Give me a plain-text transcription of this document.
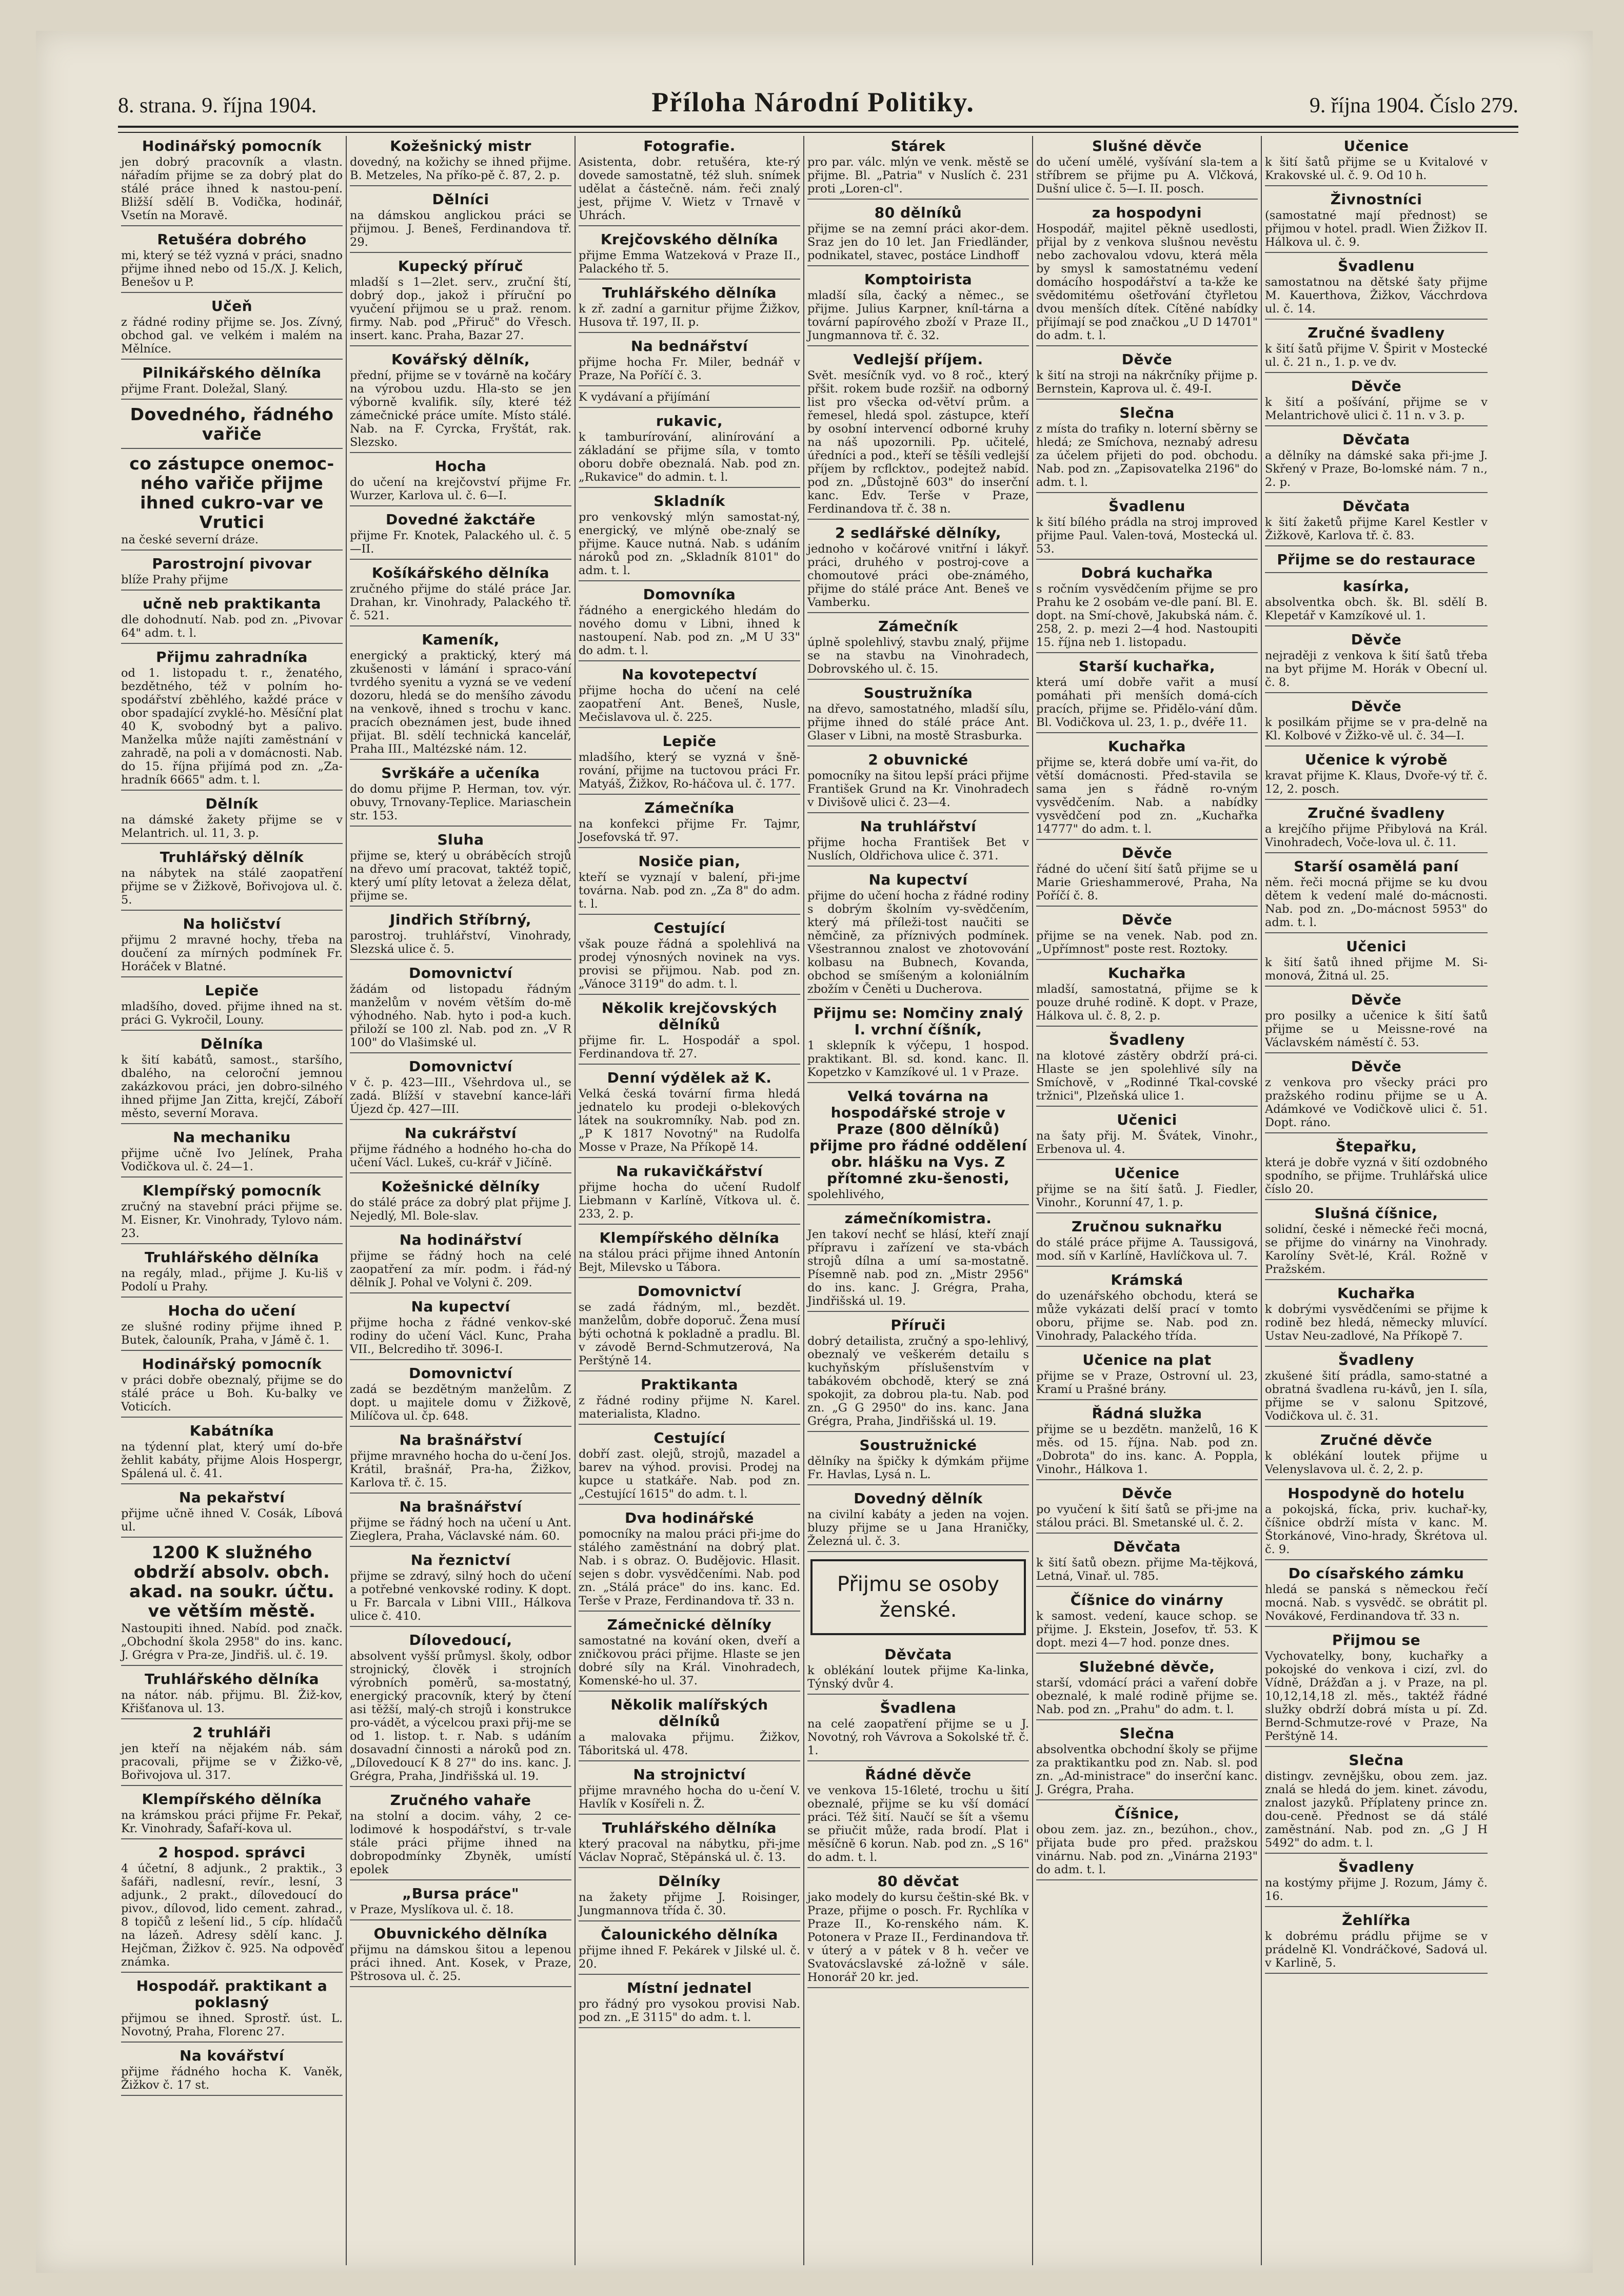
8. strana. 9. října 1904.	Příloha Národní Politiky.	9. října 1904. Číslo 279.
Hodinářský pomocník

jen dobrý pracovník a vlastn. nářadím přijme se za dobrý plat do stálé práce ihned k nastou-pení. Bližší sdělí B. Vodička, hodinář, Vsetín na Moravě.

Retušéra dobrého

mi, který se též vyzná v práci, snadno přijme ihned nebo od 15./X. J. Kelich, Benešov u P.

Učeň

z řádné rodiny přijme se. Jos. Zívný, obchod gal. ve velkém i malém na Mělníce.

Pilnikářského dělníka

přijme Frant. Doležal, Slaný.

Dovedného, řádného vařiče
co zástupce onemoc-ného vařiče přijme ihned cukro-var ve Vrutici

na české severní dráze.

Parostrojní pivovar

blíže Prahy přijme

učně neb praktikanta

dle dohodnutí. Nab. pod zn. „Pivovar 64" adm. t. l.

Přijmu zahradníka

od 1. listopadu t. r., ženatého, bezdětného, též v polním ho-spodářství zběhlého, každé práce v obor spadající zvyklé-ho. Měsíční plat 40 K, svobodný byt a palivo. Manželka může najíti zaměstnání v zahradě, na poli a v domácnosti. Nab. do 15. října přijímá pod zn. „Za-hradník 6665" adm. t. l.

Dělník

na dámské žakety přijme se v Melantrich. ul. 11, 3. p.

Truhlářský dělník

na nábytek na stálé zaopatření přijme se v Žižkově, Bořivojova ul. č. 5.

Na holičství

přijmu 2 mravné hochy, třeba na doučení za mírných podmínek Fr. Horáček v Blatné.

Lepiče

mladšího, doved. přijme ihned na st. práci G. Vykročil, Louny.

Dělníka

k šití kabátů, samost., staršího, dbalého, na celoroční jemnou zakázkovou práci, jen dobro-silného ihned přijme Jan Zitta, krejčí, Záboří město, severní Morava.

Na mechaniku

přijme učně Ivo Jelínek, Praha Vodičkova ul. č. 24—1.

Klempířský pomocník

zručný na stavební práci přijme se. M. Eisner, Kr. Vinohrady, Tylovo nám. 23.

Truhlářského dělníka

na regály, mlad., přijme J. Ku-liš v Podolí u Prahy.

Hocha do učení

ze slušné rodiny přijme ihned P. Butek, čalouník, Praha, v Jámě č. 1.

Hodinářský pomocník

v práci dobře obeznalý, přijme se do stálé práce u Boh. Ku-balky ve Voticích.

Kabátníka

na týdenní plat, který umí do-bře žehlit kabáty, přijme Alois Hospergr, Spálená ul. č. 41.

Na pekařství

přijme učně ihned V. Cosák, Líbová ul.

1200 K služného obdrží absolv. obch. akad. na soukr. účtu. ve větším městě.

Nastoupiti ihned. Nabíd. pod značk. „Obchodní škola 2958" do ins. kanc. J. Grégra v Pra-ze, Jindřiš. ul. č. 19.

Truhlářského dělníka

na nátor. náb. přijmu. Bl. Žiž-kov, Křišťanova ul. 13.

2 truhláři

jen kteří na nějakém náb. sám pracovali, přijme se v Žižko-vě, Bořivojova ul. 317.

Klempířského dělníka

na krámskou práci přijme Fr. Pekař, Kr. Vinohrady, Šafaří-kova ul.

2 hospod. správci

4 účetní, 8 adjunk., 2 praktik., 3 šafáři, nadlesní, revír., lesní, 3 adjunk., 2 prakt., dílovedoucí do pivov., dílovod, lido cement. zahrad., 8 topičů z lešení lid., 5 cíp. hlídačů na lázeň. Adresy sdělí kanc. J. Hejčman, Žižkov č. 925. Na odpověď známka.

Hospodář. praktikant a poklasný

přijmou se ihned. Sprostř. úst. L. Novotný, Praha, Florenc 27.

Na kovářství

přijme řádného hocha K. Vaněk, Žižkov č. 17 st.

Kožešnický mistr

dovedný, na kožichy se ihned přijme. B. Metzeles, Na příko-pě č. 87, 2. p.

Dělníci

na dámskou anglickou práci se přijmou. J. Beneš, Ferdinandova tř. 29.

Kupecký příruč

mladší s 1—2let. serv., zruční ští, dobrý dop., jakož i příruční po vyučení přijmou se u praž. renom. firmy. Nab. pod „Přiruč" do Vřesch. insert. kanc. Praha, Bazar 27.

Kovářský dělník,

přední, přijme se v továrně na kočáry na výrobou uzdu. Hla-sto se jen výborně kvalifik. síly, které též zámečnické práce umíte. Místo stálé. Nab. na F. Cyrcka, Fryštát, rak. Slezsko.

Hocha

do učení na krejčovství přijme Fr. Wurzer, Karlova ul. č. 6—I.

Dovedné žakctáře

přijme Fr. Knotek, Palackého ul. č. 5—II.

Košíkářského dělníka

zručného přijme do stálé práce Jar. Drahan, kr. Vinohrady, Palackého tř. č. 521.

Kameník,

energický a praktický, který má zkušenosti v lámání i spraco-vání tvrdého syenitu a vyzná se ve vedení dozoru, hledá se do menšího závodu na venkově, ihned s trochu v kanc. pracích obeznámen jest, bude ihned přijat. Bl. sdělí technická kancelář, Praha III., Maltézské nám. 12.

Svrškáře a učeníka

do domu přijme P. Herman, tov. výr. obuvy, Trnovany-Teplice. Mariaschein str. 153.

Sluha

přijme se, který u obráběcích strojů na dřevo umí pracovat, taktéž topič, který umí plíty letovat a železa dělat, přijme se.

Jindřich Stříbrný,

parostroj. truhlářství, Vinohrady, Slezská ulice č. 5.

Domovnictví

žádám od listopadu řádným manželům v novém větším do-mě výhodného. Nab. hyto i pod-a kuch. přiloží se 100 zl. Nab. pod zn. „V R 100" do Vlašimské ul.

Domovnictví

v č. p. 423—III., Všehrdova ul., se zadá. Blížší v stavební kance-láři Újezd čp. 427—III.

Na cukrářství

přijme řádného a hodného ho-cha do učení Václ. Lukeš, cu-krář v Jičíně.

Kožešnické dělníky

do stálé práce za dobrý plat přijme J. Nejedlý, Ml. Bole-slav.

Na hodinářství

přijme se řádný hoch na celé zaopatření za mír. podm. i řád-ný dělník J. Pohal ve Volyni č. 209.

Na kupectví

přijme hocha z řádné venkov-ské rodiny do učení Václ. Kunc, Praha VII., Belcrediho tř. 3096-I.

Domovnictví

zadá se bezdětným manželům. Z dopt. u majitele domu v Žižkově, Milíčova ul. čp. 648.

Na brašnářství

přijme mravného hocha do u-čení Jos. Krátil, brašnář, Pra-ha, Žižkov, Karlova tř. č. 15.

Na brašnářství

přijme se řádný hoch na učení u Ant. Zieglera, Praha, Václavské nám. 60.

Na řeznictví

přijme se zdravý, silný hoch do učení a potřebné venkovské rodiny. K dopt. u Fr. Barcala v Libni VIII., Hálkova ulice č. 410.

Dílovedoucí,

absolvent vyšší průmysl. školy, odbor strojnický, člověk i strojních výrobních poměrů, sa-mostatný, energický pracovník, který by čtení asi těžší, malý-ch strojů i konstrukce pro-vádět, a výcelcou praxi přij-me se od 1. listop. t. r. Nab. s udáním dosavadní činnosti a nároků pod zn. „Dílovedoucí K 8 27" do ins. kanc. J. Grégra, Praha, Jindřišská ul. 19.

Zručného vahaře

na stolní a docim. váhy, 2 ce-lodimové k hospodářství, s tr-vale stále práci přijme ihned na dobropodmínky Zbyněk, umístí epolek

„Bursa práce"

v Praze, Myslíkova ul. č. 18.

Obuvnického dělníka

přijmu na dámskou šitou a lepenou práci ihned. Ant. Kosek, v Praze, Pštrosova ul. č. 25.

Fotografie.

Asistenta, dobr. retušéra, kte-rý dovede samostatně, též sluh. snímek udělat a částečně. nám. řeči znalý jest, přijme V. Wietz v Trnavě v Uhrách.

Krejčovského dělníka

přijme Emma Watzeková v Praze II., Palackého tř. 5.

Truhlářského dělníka

k zř. zadní a garnitur přijme Žižkov, Husova tř. 197, II. p.

Na bednářství

přijme hocha Fr. Miler, bednář v Praze, Na Poříčí č. 3.

K vydávaní a přijímání

rukavic,

k tamburírování, alinírování a základání se přijme síla, v tomto oboru dobře obeznalá. Nab. pod zn. „Rukavice" do admin. t. l.

Skladník

pro venkovský mlýn samostat-ný, energický, ve mlýně obe-znalý se přijme. Kauce nutná. Nab. s udáním nároků pod zn. „Skladník 8101" do adm. t. l.

Domovníka

řádného a energického hledám do nového domu v Libni, ihned k nastoupení. Nab. pod zn. „M U 33" do adm. t. l.

Na kovotepectví

přijme hocha do učení na celé zaopatření Ant. Beneš, Nusle, Mečislavova ul. č. 225.

Lepiče

mladšího, který se vyzná v šně-rování, přijme na tuctovou práci Fr. Matyáš, Žižkov, Ro-háčova ul. č. 177.

Zámečníka

na konfekci přijme Fr. Tajmr, Josefovská tř. 97.

Nosiče pian,

kteří se vyznají v balení, při-jme továrna. Nab. pod zn. „Za 8" do adm. t. l.

Cestující

však pouze řádná a spolehlivá na prodej výnosných novinek na vys. provisi se přijmou. Nab. pod zn. „Vánoce 3119" do adm. t. l.

Několik krejčovských dělníků

přijme fir. L. Hospodář a spol. Ferdinandova tř. 27.

Denní výdělek až K.

Velká česká tovární firma hledá jednatelo ku prodeji o-blekových látek na soukromníky. Nab. pod zn. „P K 1817 Novotný" na Rudolfa Mosse v Praze, Na Příkopě 14.

Na rukavičkářství

přijme hocha do učení Rudolf Liebmann v Karlíně, Vítkova ul. č. 233, 2. p.

Klempířského dělníka

na stálou práci přijme ihned Antonín Bejt, Milevsko u Tábora.

Domovnictví

se zadá řádným, ml., bezdět. manželům, dobře doporuč. Žena musí býti ochotná k pokladně a pradlu. Bl. v závodě Bernd-Schmutzerová, Na Perštýně 14.

Praktikanta

z řádné rodiny přijme N. Karel. materialista, Kladno.

Cestující

dobří zast. olejů, strojů, mazadel a barev na výhod. provisi. Prodej na kupce u statkáře. Nab. pod zn. „Cestující 1615" do adm. t. l.

Dva hodinářské

pomocníky na malou práci při-jme do stálého zaměstnání na dobrý plat. Nab. i s obraz. O. Budějovic. Hlasit. sejen s dobr. vysvědčeními. Nab. pod zn. „Stálá práce" do ins. kanc. Ed. Terše v Praze, Ferdinandova tř. 33 n.

Zámečnické dělníky

samostatné na kování oken, dveří a zničkovou práci přijme. Hlaste se jen dobré síly na Král. Vinohradech, Komenské-ho ul. 37.

Několik malířských dělníků

a malovaka přijmu. Žižkov, Táboritská ul. 478.

Na strojnictví

přijme mravného hocha do u-čení V. Havlík v Kosířeli n. Ž.

Truhlářského dělníka

který pracoval na nábytku, při-jme Václav Noprač, Stěpánská ul. č. 13.

Dělníky

na žakety přijme J. Roisinger, Jungmannova třída č. 30.

Čalounického dělníka

přijme ihned F. Pekárek v Jilské ul. č. 20.

Místní jednatel

pro řádný pro vysokou provisi Nab. pod zn. „E 3115" do adm. t. l.

Stárek

pro par. válc. mlýn ve venk. městě se přijme. Bl. „Patria" v Nuslích č. 231 proti „Loren-cl".

80 dělníků

přijme se na zemní práci akor-dem. Sraz jen do 10 let. Jan Friedländer, podnikatel, stavec, postáce Lindhoff

Komptoiristа

mladší síla, čacký a němec., se přijme. Julius Karpner, kníl-tárna a tovární papírového zboží v Praze II., Jungmannova tř. č. 32.

Vedlejší příjem.

Svět. mesíčník vyd. vo 8 roč., který přšit. rokem bude rozšiř. na odborný list pro všecka od-větví prům. a řemesel, hledá spol. zástupce, kteří by osobní intervencí odborné kruhy na náš upozornili. Pp. učitelé, úředníci a pod., kteří se těšíli vedlejší příjem by rcflcktov., podejtež nabíd. pod zn. „Důstojně 603" do inserční kanc. Edv. Terše v Praze, Ferdinandova tř. č. 38 n.

2 sedlářské dělníky,

jednoho v kočárové vnitřní i lákyř. práci, druhého v postroj-cove a chomoutové práci obe-známého, přijme do stálé práce Ant. Beneš ve Vamberku.

Zámečník

úplně spolehlivý, stavbu znalý, přijme se na stavbu na Vinohradech, Dobrovského ul. č. 15.

Soustružníka

na dřevo, samostatného, mladší sílu, přijme ihned do stálé práce Ant. Glaser v Libni, na mostě Strasburka.

2 obuvnické

pomocníky na šitou lepší práci přijme František Grund na Kr. Vinohradech v Divišově ulici č. 23—4.

Na truhlářství

přijme hocha František Bet v Nuslích, Oldřichova ulice č. 371.

Na kupectví

přijme do učení hocha z řádné rodiny s dobrým školním vy-svědčením, který má příleži-tost naučiti se němčině, za příznivých podmínek. Všestrannou znalost ve zhotovování kolbasu na Bubnech, Kovanda, obchod se smíšeným a koloniálním zbožím v Čeněti u Ducherova.

Přijmu se: Nomčiny znalý I. vrchní číšník,

1 sklepník k výčepu, 1 hospod. praktikant. Bl. sd. kond. kanc. Il. Kopetzko v Kamzíkové ul. 1 v Praze.

Velká továrna na hospodářské stroje v Praze (800 dělníků) přijme pro řádné oddělení obr. hlášku na Vys. Z přítomné zku-šenosti,

spolehlivého,

zámečníkomistra.

Jen takoví nechť se hlásí, kteří znají přípravu i zařízení ve sta-vbách strojů dílna a umí sa-mostatně. Písemně nab. pod zn. „Mistr 2956" do ins. kanc. J. Grégra, Praha, Jindřišská ul. 19.

Příruči

dobrý detailista, zručný a spo-lehlivý, obeznalý ve veškerém detailu s kuchyňským příslušenstvím v tabákovém obchodě, který se zná spokojit, za dobrou pla-tu. Nab. pod zn. „G G 2950" do ins. kanc. Jana Grégra, Praha, Jindřišská ul. 19.

Soustružnické

dělníky na špičky k dýmkám přijme Fr. Havlas, Lysá n. L.

Dovedný dělník

na civilní kabáty a jeden na vojen. bluzy přijme se u Jana Hraničky, Železná ul. č. 3.

Přijmu se osoby ženské.
Děvčata

k oblékání loutek přijme Ka-linka, Týnský dvůr 4.

Švadlena

na celé zaopatření přijme se u J. Novotný, roh Vávrova a Sokolské tř. č. 1.

Řádné děvče

ve venkova 15-16leté, trochu u šití obeznalé, přijme se ku vší domácí práci. Též šití. Naučí se šít a všemu se přiučit může, rada brodí. Plat i měsíčně 6 korun. Nab. pod zn. „S 16" do adm. t. l.

80 děvčat

jako modely do kursu češtin-ské Bk. v Praze, přijme o posch. Fr. Rychlíka v Praze II., Ko-renského nám. K. Potonera v Praze II., Ferdinandova tř. v úterý a v pátek v 8 h. večer ve Svatovácslavské zá-ložně v sále. Honorář 20 kr. jed.

Slušné děvče

do učení umělé, vyšívání sla-tem a stříbrem se přijme pu A. Vlčková, Dušní ulice č. 5—I. II. posch.

za hospodyni

Hospodář, majitel pěkně usedlosti, přijal by z venkova slušnou nevěstu nebo zachovalou vdovu, která měla by smysl k samostatnému vedení domácího hospodářství a ta-kže ke svědomitému ošetřování čtyřletou dvou menších dítek. Cítěné nabídky přijímají se pod značkou „U D 14701" do adm. t. l.

Děvče

k šití na stroji na nákrčníky přijme p. Bernstein, Kaprova ul. č. 49-I.

Slečna

z místa do trafiky n. loterní sběrny se hledá; ze Smíchova, neznabý adresu za účelem přijeti do pod. obchodu. Nab. pod zn. „Zapisovatelka 2196" do adm. t. l.

Švadlenu

k šití bílého prádla na stroj improved přijme Paul. Valen-tová, Mostecká ul. 53.

Dobrá kuchařka

s ročním vysvědčením přijme se pro Prahu ke 2 osobám ve-dle paní. Bl. E. dopt. na Smí-chově, Jakubská nám. č. 258, 2. p. mezi 2—4 hod. Nastoupiti 15. října neb 1. listopadu.

Starší kuchařka,

která umí dobře vařit a musí pomáhati při menších domá-cích pracích, přijme se. Přidělo-vání dům. Bl. Vodičkova ul. 23, 1. p., dvéře 11.

Kuchařka

přijme se, která dobře umí va-řit, do větší domácnosti. Před-stavila se sama jen s řádně ro-vným vysvědčením. Nab. a nabídky vysvědčení pod zn. „Kuchařka 14777" do adm. t. l.

Děvče

řádné do učení šití šatů přijme se u Marie Grieshammerové, Praha, Na Poříčí č. 8.

Děvče

přijme se na venek. Nab. pod zn. „Upřímnost" poste rest. Roztoky.

Kuchařka

mladší, samostatná, přijme se k pouze druhé rodině. K dopt. v Praze, Hálkova ul. č. 8, 2. p.

Švadleny

na klotové zástěry obdrží prá-ci. Hlaste se jen spolehlivé síly na Smíchově, v „Rodinné Tkal-covské tržnici", Plzeňská ulice 1.

Učenici

na šaty přij. M. Švátek, Vinohr., Erbenova ul. 4.

Učenice

přijme se na šití šatů. J. Fiedler, Vinohr., Korunní 47, 1. p.

Zručnou suknařku

do stálé práce přijme A. Taussigová, mod. síň v Karlíně, Havlíčkova ul. 7.

Krámská

do uzenářského obchodu, která se může vykázati delší prací v tomto oboru, přijme se. Nab. pod zn. Vinohrady, Palackého třída.

Učenice na plat

přijme se v Praze, Ostrovní ul. 23, Kramí u Prašné brány.

Řádná služka

přijme se u bezdětn. manželů, 16 K měs. od 15. října. Nab. pod zn. „Dobrota" do ins. kanc. A. Poppla, Vinohr., Hálkova 1.

Děvče

po vyučení k šití šatů se při-jme na stálou práci. Bl. Smetanské ul. č. 2.

Děvčata

k šití šatů obezn. přijme Ma-tějková, Letná, Vinař. ul. 785.

Číšnice do vinárny

k samost. vedení, kauce schop. se přijme. J. Ekstein, Josefov, tř. 53. K dopt. mezi 4—7 hod. ponze dnes.

Služebné děvče,

starší, vdomácí práci a vaření dobře obeznalé, k malé rodině přijme se. Nab. pod zn. „Prahu" do adm. t. l.

Slečna

absolventka obchodní školy se přijme za praktikantku pod zn. Nab. sl. pod zn. „Ad-ministrace" do inserční kanc. J. Grégra, Praha.

Číšnice,

obou zem. jaz. zn., bezúhon., chov., přijata bude pro před. pražskou vinárnu. Nab. pod zn. „Vinárna 2193" do adm. t. l.

Učenice

k šití šatů přijme se u Kvitalové v Krakovské ul. č. 9. Od 10 h.

Živnostníci

(samostatné mají přednost) se přijmou v hotel. pradl. Wien Žižkov II. Hálkova ul. č. 9.

Švadlenu

samostatnou na dětské šaty přijme M. Kauerthova, Žižkov, Vácchrdova ul. č. 14.

Zručné švadleny

k šití šatů přijme V. Špirit v Mostecké ul. č. 21 n., 1. p. ve dv.

Děvče

k šití a pošívání, přijme se v Melantrichově ulici č. 11 n. v 3. p.

Děvčata

a dělníky na dámské saka při-jme J. Skřený v Praze, Bo-lomské nám. 7 n., 2. p.

Děvčata

k šití žaketů přijme Karel Kestler v Žižkově, Karlova tř. č. 83.

Přijme se do restaurace
kasírka,

absolventka obch. šk. Bl. sdělí B. Klepetář v Kamzíkové ul. 1.

Děvče

nejraději z venkova k šití šatů třeba na byt přijme M. Horák v Obecní ul. č. 8.

Děvče

k posilkám přijme se v pra-delně na Kl. Kolbové v Žižko-vě ul. č. 34—I.

Učenice k výrobě

kravat přijme K. Klaus, Dvoře-vý tř. č. 12, 2. posch.

Zručné švadleny

a krejčího přijme Přibylová na Král. Vinohradech, Voče-lova ul. č. 11.

Starší osamělá paní

něm. řeči mocná přijme se ku dvou dětem k vedení malé do-mácnosti. Nab. pod zn. „Do-mácnost 5953" do adm. t. l.

Učenici

k šití šatů ihned přijme M. Si-monová, Žitná ul. 25.

Děvče

pro posilky a učenice k šití šatů přijme se u Meissne-rové na Václavském náměstí č. 53.

Děvče

z venkova pro všecky práci pro pražského rodinu přijme se u A. Adámkové ve Vodičkově ulici č. 51. Dopt. ráno.

Štepařku,

která je dobře vyzná v šití ozdobného spodního, se přijme. Truhlářská ulice číslo 20.

Slušná číšnice,

solidní, české i německé řeči mocná, se přijme do vinárny na Vinohrady. Karolíny Svět-lé, Král. Rožně v Pražském.

Kuchařka

k dobrými vysvědčeními se přijme k rodině bez hledá, německy mluvící. Ustav Neu-zadlové, Na Příkopě 7.

Švadleny

zkušené šití prádla, samo-statné a obratná švadlena ru-kávů, jen I. síla, přijme se v salonu Spitzové, Vodičkova ul. č. 31.

Zručné děvče

k oblékání loutek přijme u Velenyslavova ul. č. 2, 2. p.

Hospodyně do hotelu

a pokojská, fícka, priv. kuchař-ky, číšnice obdrží místa v kanc. M. Štorkánové, Vino-hrady, Škrétova ul. č. 9.

Do císařského zámku

hledá se panská s německou řečí mocná. Nab. s vysvědč. se obrátit pl. Novákové, Ferdinandova tř. 33 n.

Přijmou se

Vychovatelky, bony, kuchařky a pokojské do venkova i cizí, zvl. do Vídně, Drážďan a j. v Praze, na pl. 10,12,14,18 zl. měs., taktéž řádné služky obdrží dobrá místa u pí. Zd. Bernd-Schmutze-rové v Praze, Na Perštýně 14.

Slečna

distingv. zevnějšku, obou zem. jaz. znalá se hledá do jem. kinet. závodu, znalost jazyků. Příplateny prince zn. dou-ceně. Přednost se dá stálé zaměstnání. Nab. pod zn. „G J H 5492" do adm. t. l.

Švadleny

na kostýmy přijme J. Rozum, Jámy č. 16.

Žehlířka

k dobrému prádlu přijme se v prádelně Kl. Vondráčkové, Sadová ul. v Karlině, 5.
